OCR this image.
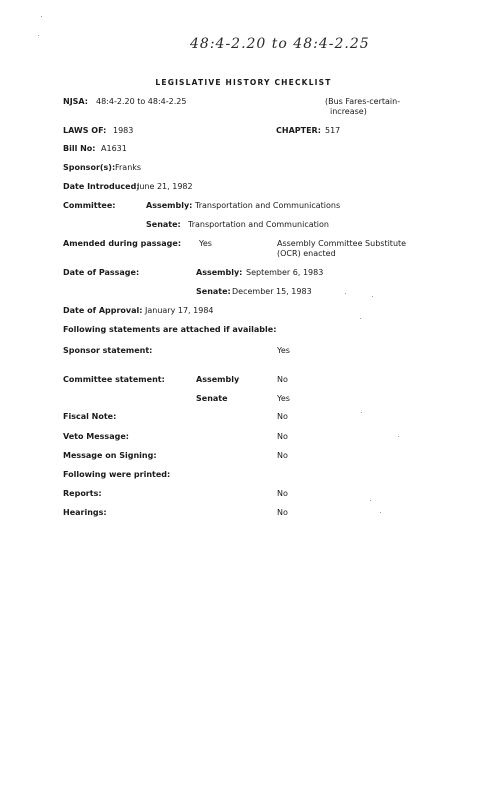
48:4-2.20 to 48:4-2.25
LEGISLATIVE HISTORY CHECKLIST
NJSA: 48:4-2.20 to 48:4-2.25	(Bus Fares-certain-
increase)
LAWS OF: 1983	CHAPTER: 517
Bill No: A1631
Sponsor(s): Franks
Date Introduced:
June 21, 1982
Committee:	Assembly: Transportation and Communications
Senate: Transportation and Communication
Amended during passage: Yes	Assembly Committee Substitute
(OCR) enacted
Date of Passage:	Assembly: September 6, 1983
Senate: December 15, 1983
Date of Approval: January 17, 1984
Following statements are attached if available:
Sponsor statement:	Yes
Committee statement:	Assembly	No
Senate	Yes
Fiscal Note:	No
Veto Message:	No
Message on Signing:	No
Following were printed:
Reports:	No
Hearings:	No
